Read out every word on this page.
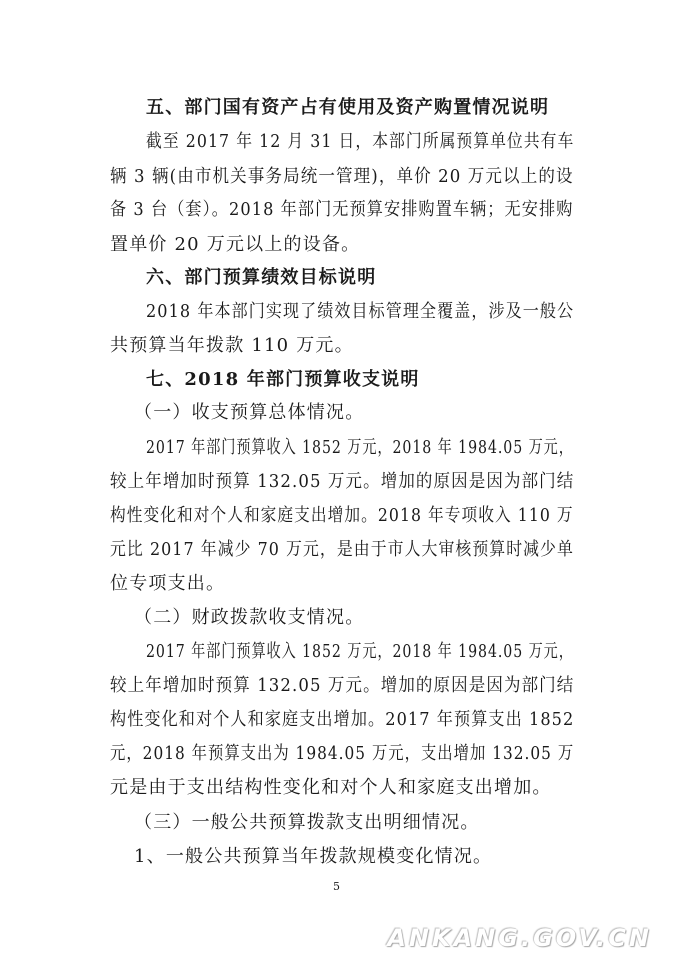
五、部门国有资产占有使用及资产购置情况说明
截至 2017 年 12 月 31 日，本部门所属预算单位共有车
辆 3 辆(由市机关事务局统一管理)，单价 20 万元以上的设
备 3 台（套）。2018 年部门无预算安排购置车辆；无安排购
置单价 20 万元以上的设备。
六、部门预算绩效目标说明
2018 年本部门实现了绩效目标管理全覆盖，涉及一般公
共预算当年拨款 110 万元。
七、2018 年部门预算收支说明
（一）收支预算总体情况。
2017 年部门预算收入 1852 万元，2018 年 1984.05 万元，
较上年增加时预算 132.05 万元。增加的原因是因为部门结
构性变化和对个人和家庭支出增加。2018 年专项收入 110 万
元比 2017 年减少 70 万元，是由于市人大审核预算时减少单
位专项支出。
（二）财政拨款收支情况。
2017 年部门预算收入 1852 万元，2018 年 1984.05 万元，
较上年增加时预算 132.05 万元。增加的原因是因为部门结
构性变化和对个人和家庭支出增加。2017 年预算支出 1852
元，2018 年预算支出为 1984.05 万元，支出增加 132.05 万
元是由于支出结构性变化和对个人和家庭支出增加。
（三）一般公共预算拨款支出明细情况。
1、一般公共预算当年拨款规模变化情况。
5
ANKANG.GOV.CN
